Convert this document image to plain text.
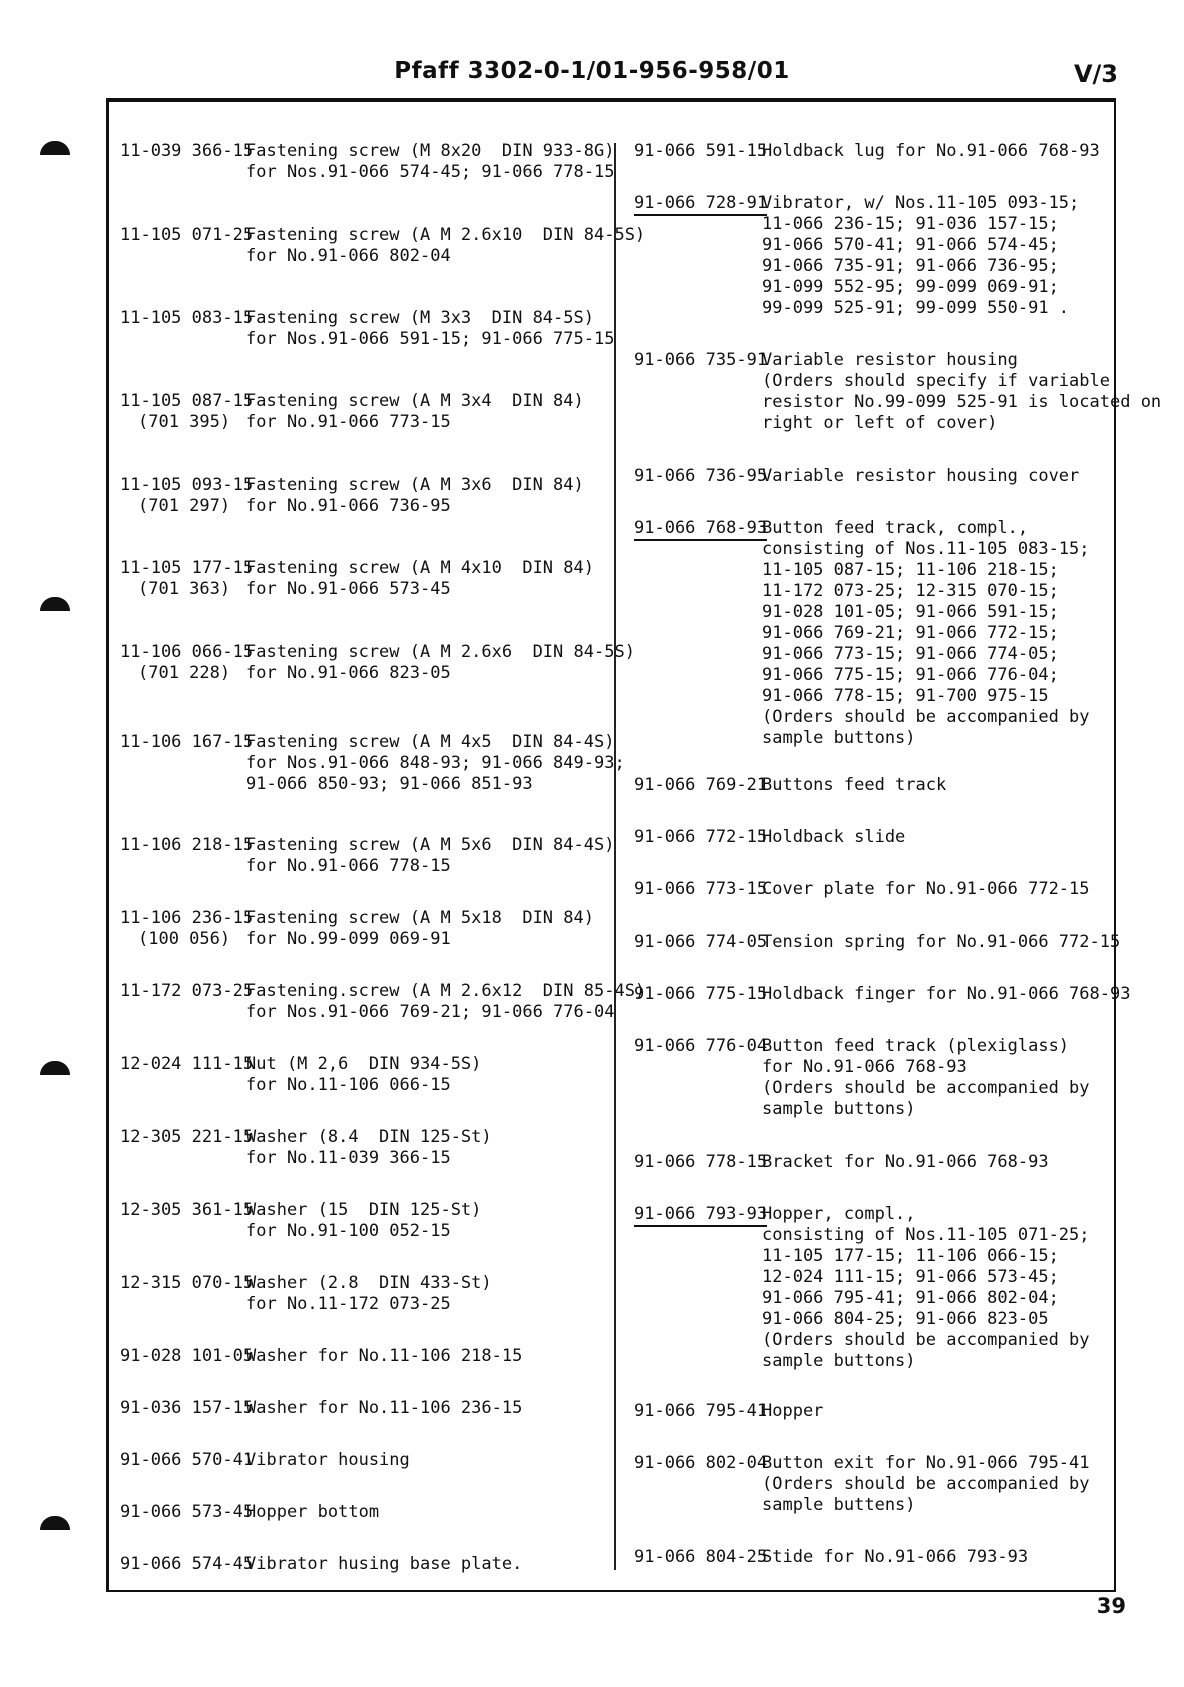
Pfaff 3302-0-1/01-956-958/01	V/3
11-039 366-15
Fastening screw (M 8x20  DIN 933-8G)
for Nos.91-066 574-45; 91-066 778-15
11-105 071-25
Fastening screw (A M 2.6x10  DIN 84-5S)
for No.91-066 802-04
11-105 083-15
Fastening screw (M 3x3  DIN 84-5S)
for Nos.91-066 591-15; 91-066 775-15
11-105 087-15
(701 395)
Fastening screw (A M 3x4  DIN 84)
for No.91-066 773-15
11-105 093-15
(701 297)
Fastening screw (A M 3x6  DIN 84)
for No.91-066 736-95
11-105 177-15
(701 363)
Fastening screw (A M 4x10  DIN 84)
for No.91-066 573-45
11-106 066-15
(701 228)
Fastening screw (A M 2.6x6  DIN 84-5S)
for No.91-066 823-05
11-106 167-15
Fastening screw (A M 4x5  DIN 84-4S)
for Nos.91-066 848-93; 91-066 849-93;
91-066 850-93; 91-066 851-93
11-106 218-15
Fastening screw (A M 5x6  DIN 84-4S)
for No.91-066 778-15
11-106 236-15
(100 056)
Fastening screw (A M 5x18  DIN 84)
for No.99-099 069-91
11-172 073-25
Fastening.screw (A M 2.6x12  DIN 85-4S)
for Nos.91-066 769-21; 91-066 776-04
12-024 111-15
Nut (M 2,6  DIN 934-5S)
for No.11-106 066-15
12-305 221-15
Washer (8.4  DIN 125-St)
for No.11-039 366-15
12-305 361-15
Washer (15  DIN 125-St)
for No.91-100 052-15
12-315 070-15
Washer (2.8  DIN 433-St)
for No.11-172 073-25
91-028 101-05
Washer for No.11-106 218-15
91-036 157-15
Washer for No.11-106 236-15
91-066 570-41
Vibrator housing
91-066 573-45
Hopper bottom
91-066 574-45
Vibrator husing base plate.
91-066 591-15
Holdback lug for No.91-066 768-93
91-066 728-91
Vibrator, w/ Nos.11-105 093-15;
11-066 236-15; 91-036 157-15;
91-066 570-41; 91-066 574-45;
91-066 735-91; 91-066 736-95;
91-099 552-95; 99-099 069-91;
99-099 525-91; 99-099 550-91 .
91-066 735-91
Variable resistor housing
(Orders should specify if variable
resistor No.99-099 525-91 is located on
right or left of cover)
91-066 736-95
Variable resistor housing cover
91-066 768-93
Button feed track, compl.,
consisting of Nos.11-105 083-15;
11-105 087-15; 11-106 218-15;
11-172 073-25; 12-315 070-15;
91-028 101-05; 91-066 591-15;
91-066 769-21; 91-066 772-15;
91-066 773-15; 91-066 774-05;
91-066 775-15; 91-066 776-04;
91-066 778-15; 91-700 975-15
(Orders should be accompanied by
sample buttons)
91-066 769-21
Buttons feed track
91-066 772-15
Holdback slide
91-066 773-15
Cover plate for No.91-066 772-15
91-066 774-05
Tension spring for No.91-066 772-15
91-066 775-15
Holdback finger for No.91-066 768-93
91-066 776-04
Button feed track (plexiglass)
for No.91-066 768-93
(Orders should be accompanied by
sample buttons)
91-066 778-15
Bracket for No.91-066 768-93
91-066 793-93
Hopper, compl.,
consisting of Nos.11-105 071-25;
11-105 177-15; 11-106 066-15;
12-024 111-15; 91-066 573-45;
91-066 795-41; 91-066 802-04;
91-066 804-25; 91-066 823-05
(Orders should be accompanied by
sample buttons)
91-066 795-41
Hopper
91-066 802-04
Button exit for No.91-066 795-41
(Orders should be accompanied by
sample buttens)
91-066 804-25
Stide for No.91-066 793-93
39
